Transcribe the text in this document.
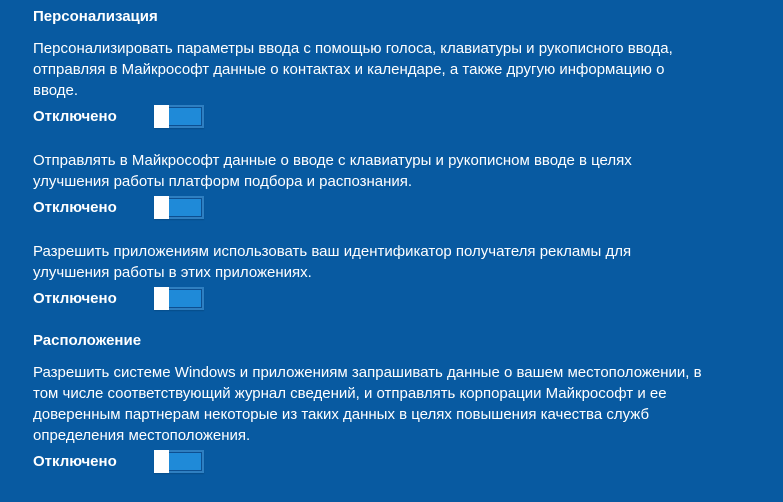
Персонализация

Персонализировать параметры ввода с помощью голоса, клавиатуры и рукописного ввода,
отправляя в Майкрософт данные о контактах и календаре, а также другую информацию о
вводе.

Отключено

Отправлять в Майкрософт данные о вводе с клавиатуры и рукописном вводе в целях
улучшения работы платформ подбора и распознания.

Отключено

Разрешить приложениям использовать ваш идентификатор получателя рекламы для
улучшения работы в этих приложениях.

Отключено
Расположение

Разрешить системе Windows и приложениям запрашивать данные о вашем местоположении, в
том числе соответствующий журнал сведений, и отправлять корпорации Майкрософт и ее
доверенным партнерам некоторые из таких данных в целях повышения качества служб
определения местоположения.

Отключено
